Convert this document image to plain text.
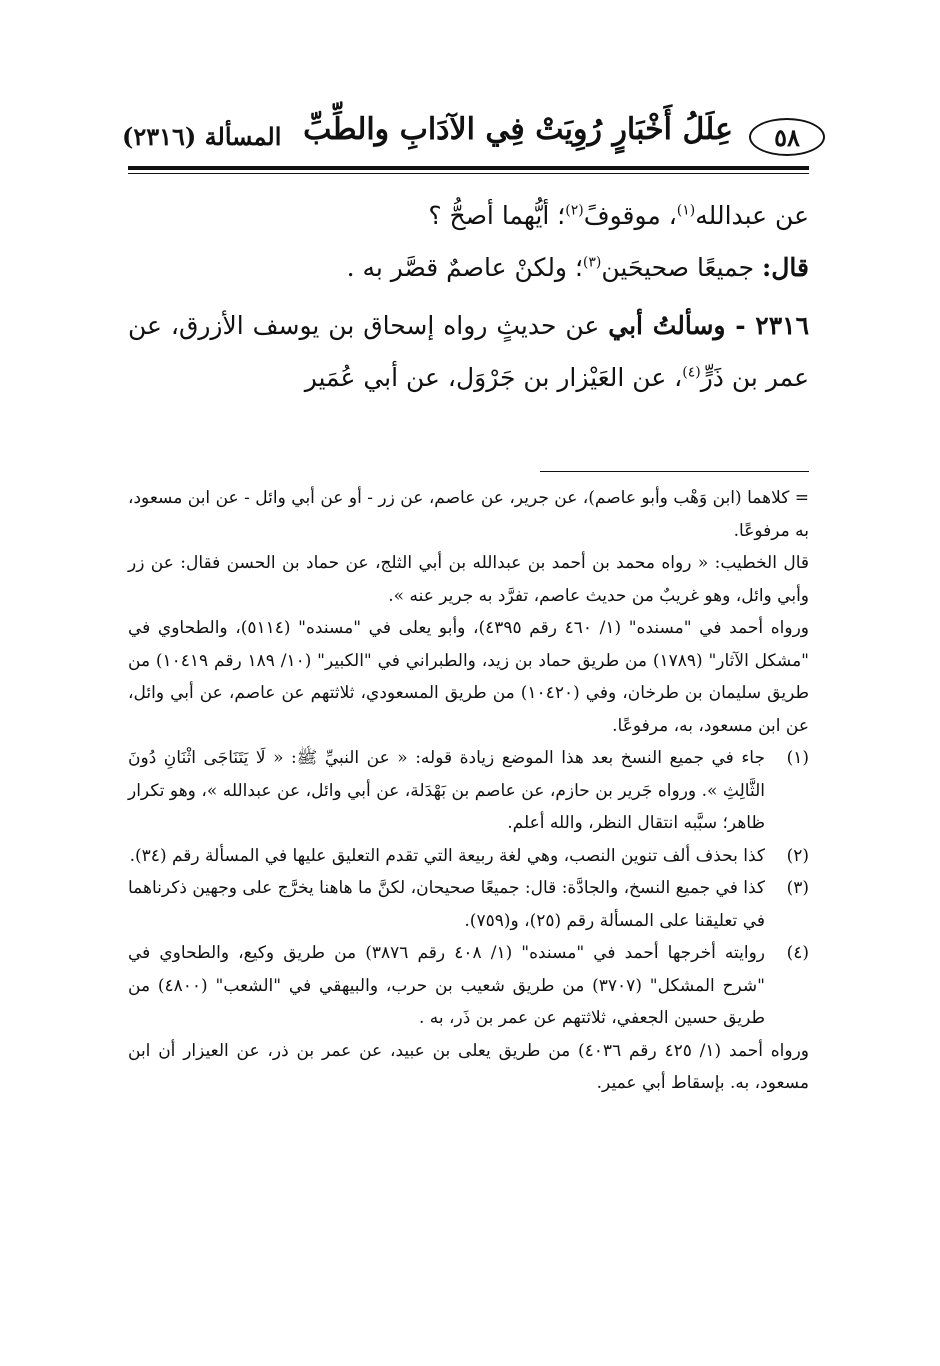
٥٨
عِلَلُ أَخْبَارٍ رُوِيَتْ فِي الآدَابِ والطِّبِّ
المسألة (٢٣١٦)

عن عبدالله$^{(١)}$، موقوفً$^{(٢)}$؛ أيُّهما أصحُّ ؟

قال: جميعًا صحيحَين$^{(٣)}$؛ ولكنْ عاصمٌ قصَّر به .

٢٣١٦ - وسألتُ أبي عن حديثٍ رواه إسحاق بن يوسف الأزرق، عن عمر بن ذَرٍّ$^{(٤)}$، عن العَيْزار بن جَرْوَل، عن أبي عُمَير

= كلاهما (ابن وَهْب وأبو عاصم)، عن جرير، عن عاصم، عن زر - أو عن أبي وائل - عن ابن مسعود، به مرفوعًا.

قال الخطيب: « رواه محمد بن أحمد بن عبدالله بن أبي الثلج، عن حماد بن الحسن فقال: عن زر وأبي وائل، وهو غريبٌ من حديث عاصم، تفرَّد به جرير عنه ».

ورواه أحمد في "مسنده" (١/ ٤٦٠ رقم ٤٣٩٥)، وأبو يعلى في "مسنده" (٥١١٤)، والطحاوي في "مشكل الآثار" (١٧٨٩) من طريق حماد بن زيد، والطبراني في "الكبير" (١٠/ ١٨٩ رقم ١٠٤١٩) من طريق سليمان بن طرخان، وفي (١٠٤٢٠) من طريق المسعودي، ثلاثتهم عن عاصم، عن أبي وائل، عن ابن مسعود، به، مرفوعًا.

(١)
جاء في جميع النسخ بعد هذا الموضع زيادة قوله: « عن النبيِّ ﷺ: « لَا يَتَنَاجَى اثْنَانِ دُونَ الثَّالِثِ ». ورواه جَرير بن حازم، عن عاصم بن بَهْدَلة، عن أبي وائل، عن عبدالله »، وهو تكرار ظاهر؛ سبَّبه انتقال النظر، والله أعلم.
(٢)
كذا بحذف ألف تنوين النصب، وهي لغة ربيعة التي تقدم التعليق عليها في المسألة رقم (٣٤).
(٣)
كذا في جميع النسخ، والجادَّة: قال: جميعًا صحيحان، لكنَّ ما هاهنا يخرَّج على وجهين ذكرناهما في تعليقنا على المسألة رقم (٢٥)، و(٧٥٩).
(٤)
روايته أخرجها أحمد في "مسنده" (١/ ٤٠٨ رقم ٣٨٧٦) من طريق وكيع، والطحاوي في "شرح المشكل" (٣٧٠٧) من طريق شعيب بن حرب، والبيهقي في "الشعب" (٤٨٠٠) من طريق حسين الجعفي، ثلاثتهم عن عمر بن ذَر، به .

ورواه أحمد (١/ ٤٢٥ رقم ٤٠٣٦) من طريق يعلى بن عبيد، عن عمر بن ذر، عن العيزار أن ابن مسعود، به. بإسقاط أبي عمير.
